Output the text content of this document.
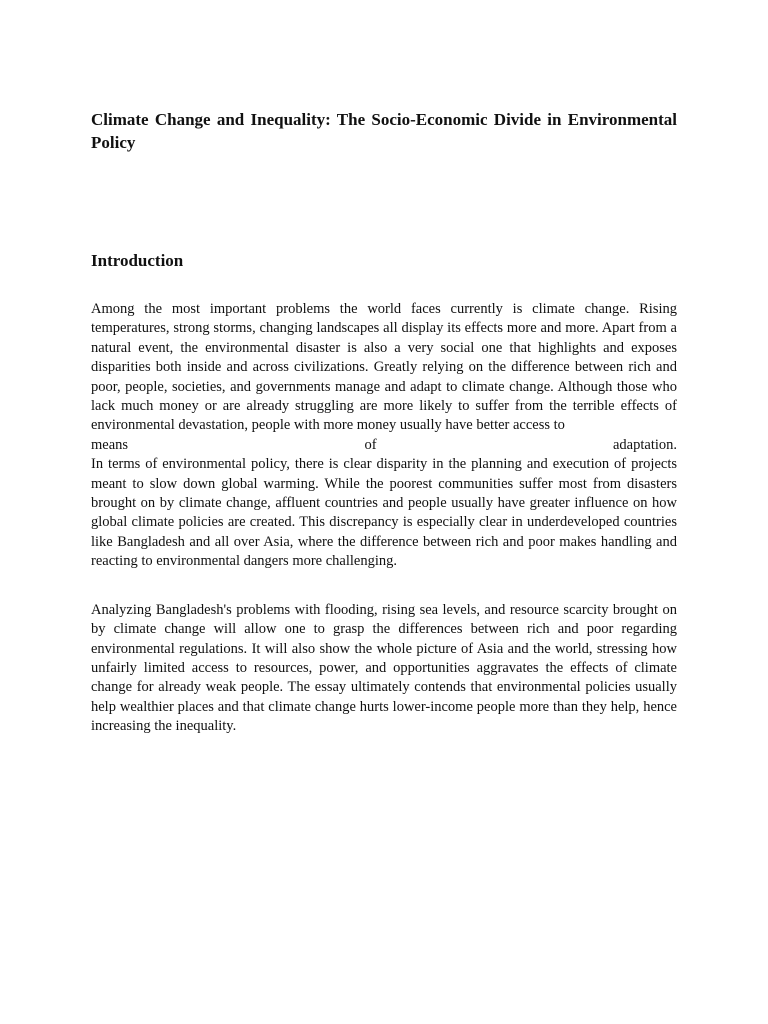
Climate Change and Inequality: The Socio-Economic Divide in Environmental Policy
Introduction

Among the most important problems the world faces currently is climate change. Rising temperatures, strong storms, changing landscapes all display its effects more and more. Apart from a natural event, the environmental disaster is also a very social one that highlights and exposes disparities both inside and across civilizations. Greatly relying on the difference between rich and poor, people, societies, and governments manage and adapt to climate change. Although those who lack much money or are already struggling are more likely to suffer from the terrible effects of environmental devastation, people with more money usually have better access to
means of adaptation.

In terms of environmental policy, there is clear disparity in the planning and execution of projects meant to slow down global warming. While the poorest communities suffer most from disasters brought on by climate change, affluent countries and people usually have greater influence on how global climate policies are created. This discrepancy is especially clear in underdeveloped countries like Bangladesh and all over Asia, where the difference between rich and poor makes handling and reacting to environmental dangers more challenging.

Analyzing Bangladesh's problems with flooding, rising sea levels, and resource scarcity brought on by climate change will allow one to grasp the differences between rich and poor regarding environmental regulations. It will also show the whole picture of Asia and the world, stressing how unfairly limited access to resources, power, and opportunities aggravates the effects of climate change for already weak people. The essay ultimately contends that environmental policies usually help wealthier places and that climate change hurts lower-income people more than they help, hence increasing the inequality.
